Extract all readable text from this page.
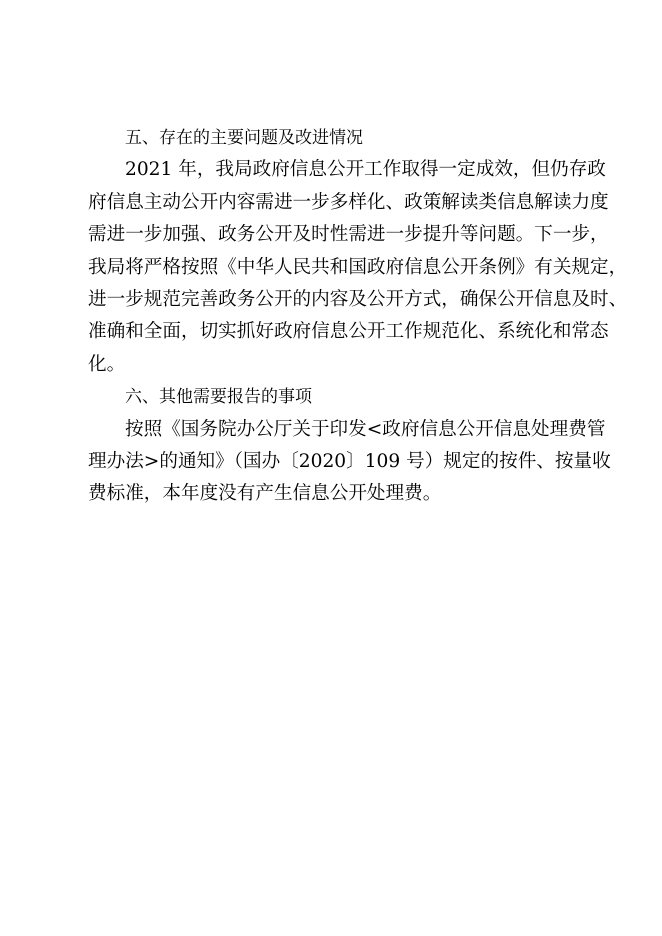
五、存在的主要问题及改进情况

2021 年，我局政府信息公开工作取得一定成效，但仍存政

府信息主动公开内容需进一步多样化、政策解读类信息解读力度

需进一步加强、政务公开及时性需进一步提升等问题。下一步，

我局将严格按照《中华人民共和国政府信息公开条例》有关规定，

进一步规范完善政务公开的内容及公开方式，确保公开信息及时、

准确和全面，切实抓好政府信息公开工作规范化、系统化和常态

化。

六、其他需要报告的事项

按照《国务院办公厅关于印发<政府信息公开信息处理费管

理办法>的通知》（国办〔2020〕109 号）规定的按件、按量收

费标准，本年度没有产生信息公开处理费。
